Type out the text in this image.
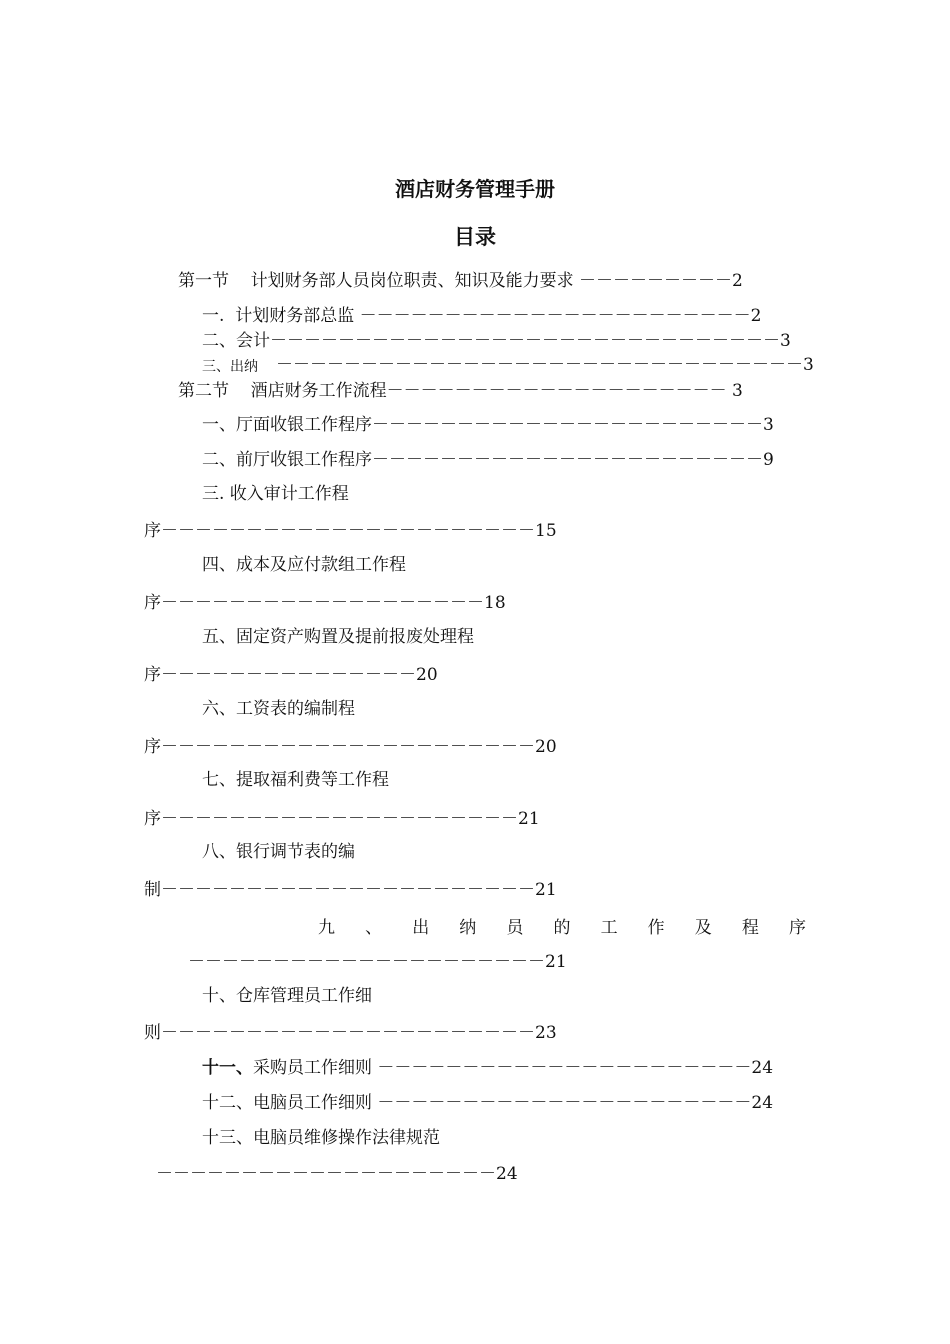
酒店财务管理手册
目录
第一节    计划财务部人员岗位职责、知识及能力要求 －－－－－－－－－2
一.  计划财务部总监 －－－－－－－－－－－－－－－－－－－－－－－2
二、会计－－－－－－－－－－－－－－－－－－－－－－－－－－－－－－3
三、出纳 －－－－－－－－－－－－－－－－－－－－－－－－－－－－－－－3
第二节    酒店财务工作流程－－－－－－－－－－－－－－－－－－－－ 3
一、厅面收银工作程序－－－－－－－－－－－－－－－－－－－－－－－3
二、前厅收银工作程序－－－－－－－－－－－－－－－－－－－－－－－9
三. 收入审计工作程
序－－－－－－－－－－－－－－－－－－－－－－15
四、成本及应付款组工作程
序－－－－－－－－－－－－－－－－－－－18
五、固定资产购置及提前报废处理程
序－－－－－－－－－－－－－－－20
六、工资表的编制程
序－－－－－－－－－－－－－－－－－－－－－－20
七、提取福利费等工作程
序－－－－－－－－－－－－－－－－－－－－－21
八、银行调节表的编
制－－－－－－－－－－－－－－－－－－－－－－21
九 、 出 纳 员 的 工 作 及 程 序
－－－－－－－－－－－－－－－－－－－－－21
十、仓库管理员工作细
则－－－－－－－－－－－－－－－－－－－－－－23
十一、采购员工作细则 －－－－－－－－－－－－－－－－－－－－－－24
十二、电脑员工作细则 －－－－－－－－－－－－－－－－－－－－－－24
十三、电脑员维修操作法律规范
－－－－－－－－－－－－－－－－－－－－24
